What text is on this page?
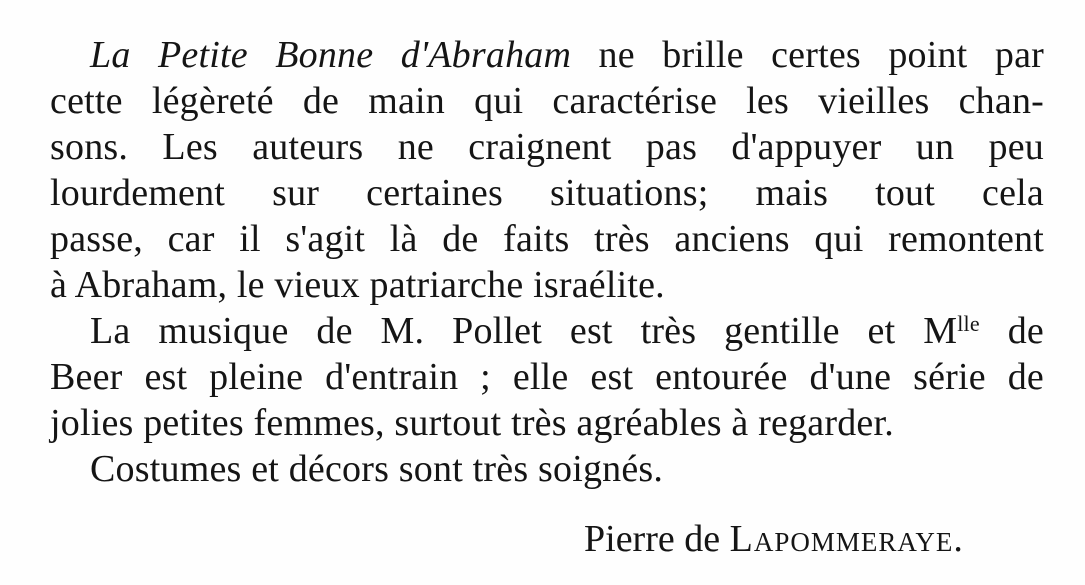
La Petite Bonne d'Abraham ne brille certes point par
cette légèreté de main qui caractérise les vieilles chan-
sons. Les auteurs ne craignent pas d'appuyer un peu
lourdement sur certaines situations; mais tout cela
passe, car il s'agit là de faits très anciens qui remontent
à Abraham, le vieux patriarche israélite.
La musique de M. Pollet est très gentille et $M^{lle}$ de
Beer est pleine d'entrain ; elle est entourée d'une série de
jolies petites femmes, surtout très agréables à regarder.
Costumes et décors sont très soignés.
Pierre de Lapommeraye.
